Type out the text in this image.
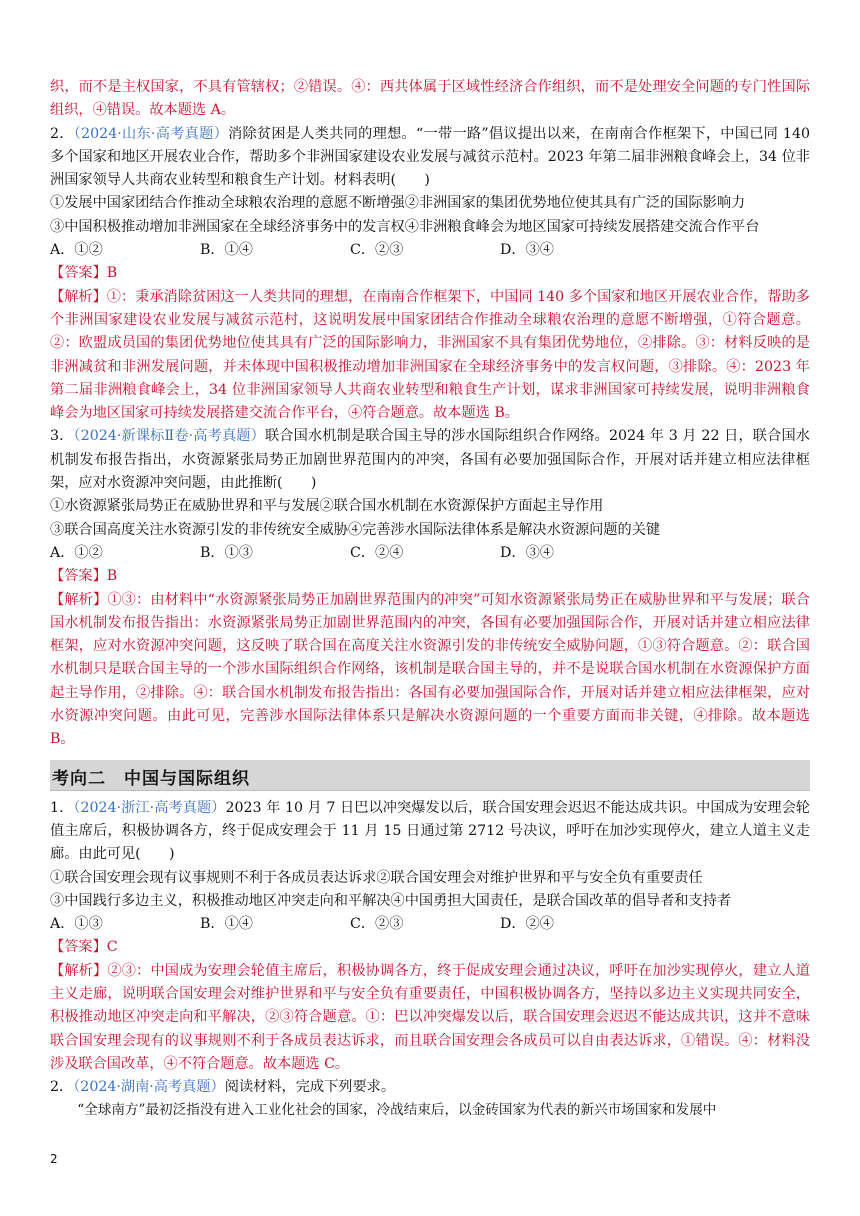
织，而不是主权国家，不具有管辖权；②错误。④：西共体属于区域性经济合作组织，而不是处理安全问题的专门性国际组织，④错误。故本题选 A。

2．（2024·山东·高考真题）消除贫困是人类共同的理想。“一带一路”倡议提出以来，在南南合作框架下，中国已同 140 多个国家和地区开展农业合作，帮助多个非洲国家建设农业发展与减贫示范村。2023 年第二届非洲粮食峰会上，34 位非洲国家领导人共商农业转型和粮食生产计划。材料表明(　　)

①发展中国家团结合作推动全球粮农治理的意愿不断增强②非洲国家的集团优势地位使其具有广泛的国际影响力

③中国积极推动增加非洲国家在全球经济事务中的发言权④非洲粮食峰会为地区国家可持续发展搭建交流合作平台

A．①②	B．①④	C．②③	D．③④

【答案】B

【解析】①：秉承消除贫困这一人类共同的理想，在南南合作框架下，中国同 140 多个国家和地区开展农业合作，帮助多个非洲国家建设农业发展与减贫示范村，这说明发展中国家团结合作推动全球粮农治理的意愿不断增强，①符合题意。②：欧盟成员国的集团优势地位使其具有广泛的国际影响力，非洲国家不具有集团优势地位，②排除。③：材料反映的是非洲减贫和非洲发展问题，并未体现中国积极推动增加非洲国家在全球经济事务中的发言权问题，③排除。④：2023 年第二届非洲粮食峰会上，34 位非洲国家领导人共商农业转型和粮食生产计划，谋求非洲国家可持续发展，说明非洲粮食峰会为地区国家可持续发展搭建交流合作平台，④符合题意。故本题选 B。

3．（2024·新课标Ⅱ卷·高考真题）联合国水机制是联合国主导的涉水国际组织合作网络。2024 年 3 月 22 日，联合国水机制发布报告指出，水资源紧张局势正加剧世界范围内的冲突，各国有必要加强国际合作，开展对话并建立相应法律框架，应对水资源冲突问题，由此推断(　　)

①水资源紧张局势正在威胁世界和平与发展②联合国水机制在水资源保护方面起主导作用

③联合国高度关注水资源引发的非传统安全威胁④完善涉水国际法律体系是解决水资源问题的关键

A．①②	B．①③	C．②④	D．③④

【答案】B

【解析】①③：由材料中“水资源紧张局势正加剧世界范围内的冲突”可知水资源紧张局势正在威胁世界和平与发展；联合国水机制发布报告指出：水资源紧张局势正加剧世界范围内的冲突，各国有必要加强国际合作，开展对话并建立相应法律框架，应对水资源冲突问题，这反映了联合国在高度关注水资源引发的非传统安全威胁问题，①③符合题意。②：联合国水机制只是联合国主导的一个涉水国际组织合作网络，该机制是联合国主导的，并不是说联合国水机制在水资源保护方面起主导作用，②排除。④：联合国水机制发布报告指出：各国有必要加强国际合作，开展对话并建立相应法律框架，应对水资源冲突问题。由此可见，完善涉水国际法律体系只是解决水资源问题的一个重要方面而非关键，④排除。故本题选 B。

考向二　中国与国际组织

1．（2024·浙江·高考真题）2023 年 10 月 7 日巴以冲突爆发以后，联合国安理会迟迟不能达成共识。中国成为安理会轮值主席后，积极协调各方，终于促成安理会于 11 月 15 日通过第 2712 号决议，呼吁在加沙实现停火，建立人道主义走廊。由此可见(　　)

①联合国安理会现有议事规则不利于各成员表达诉求②联合国安理会对维护世界和平与安全负有重要责任

③中国践行多边主义，积极推动地区冲突走向和平解决④中国勇担大国责任，是联合国改革的倡导者和支持者

A．①③	B．①④	C．②③	D．②④

【答案】C

【解析】②③：中国成为安理会轮值主席后，积极协调各方，终于促成安理会通过决议，呼吁在加沙实现停火，建立人道主义走廊，说明联合国安理会对维护世界和平与安全负有重要责任，中国积极协调各方，坚持以多边主义实现共同安全，积极推动地区冲突走向和平解决，②③符合题意。①：巴以冲突爆发以后，联合国安理会迟迟不能达成共识，这并不意味联合国安理会现有的议事规则不利于各成员表达诉求，而且联合国安理会各成员可以自由表达诉求，①错误。④：材料没涉及联合国改革，④不符合题意。故本题选 C。

2．（2024·湖南·高考真题）阅读材料，完成下列要求。

“全球南方”最初泛指没有进入工业化社会的国家，冷战结束后，以金砖国家为代表的新兴市场国家和发展中

2
